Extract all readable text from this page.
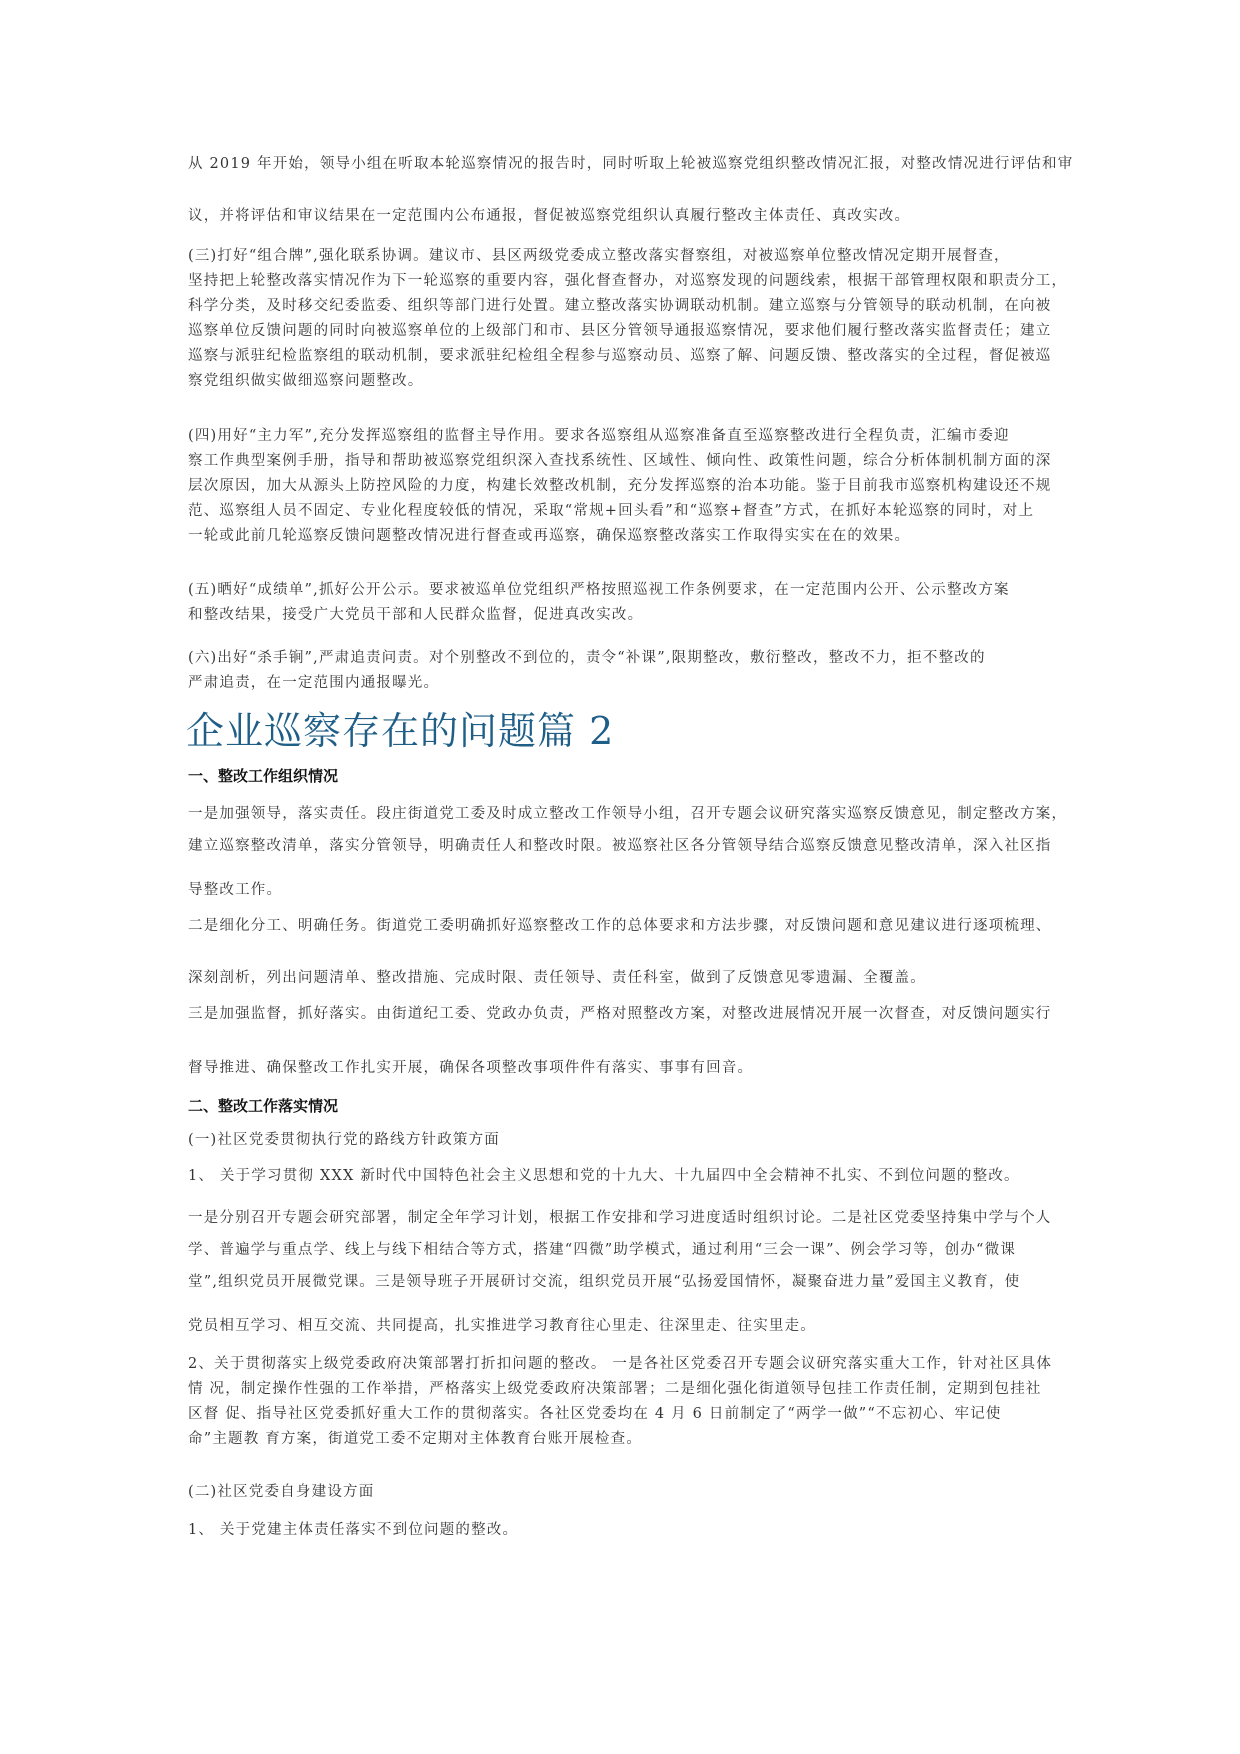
从 2019 年开始，领导小组在听取本轮巡察情况的报告时，同时听取上轮被巡察党组织整改情况汇报，对整改情况进行评估和审

议，并将评估和审议结果在一定范围内公布通报，督促被巡察党组织认真履行整改主体责任、真改实改。

(三)打好“组合牌”,强化联系协调。建议市、县区两级党委成立整改落实督察组，对被巡察单位整改情况定期开展督查，
坚持把上轮整改落实情况作为下一轮巡察的重要内容，强化督查督办，对巡察发现的问题线索，根据干部管理权限和职责分工，
科学分类，及时移交纪委监委、组织等部门进行处置。建立整改落实协调联动机制。建立巡察与分管领导的联动机制，在向被
巡察单位反馈问题的同时向被巡察单位的上级部门和市、县区分管领导通报巡察情况，要求他们履行整改落实监督责任；建立
巡察与派驻纪检监察组的联动机制，要求派驻纪检组全程参与巡察动员、巡察了解、问题反馈、整改落实的全过程，督促被巡
察党组织做实做细巡察问题整改。
(四)用好“主力军”,充分发挥巡察组的监督主导作用。要求各巡察组从巡察准备直至巡察整改进行全程负责，汇编市委迎
察工作典型案例手册，指导和帮助被巡察党组织深入查找系统性、区域性、倾向性、政策性问题，综合分析体制机制方面的深
层次原因，加大从源头上防控风险的力度，构建长效整改机制，充分发挥巡察的治本功能。鉴于目前我市巡察机构建设还不规
范、巡察组人员不固定、专业化程度较低的情况，采取“常规+回头看”和“巡察+督查”方式，在抓好本轮巡察的同时，对上
一轮或此前几轮巡察反馈问题整改情况进行督查或再巡察，确保巡察整改落实工作取得实实在在的效果。
(五)晒好“成绩单”,抓好公开公示。要求被巡单位党组织严格按照巡视工作条例要求，在一定范围内公开、公示整改方案
和整改结果，接受广大党员干部和人民群众监督，促进真改实改。
(六)出好“杀手锏”,严肃追责问责。对个别整改不到位的，责令“补课”,限期整改，敷衍整改，整改不力，拒不整改的
严肃追责，在一定范围内通报曝光。
企业巡察存在的问题篇 2
一、整改工作组织情况

一是加强领导，落实责任。段庄街道党工委及时成立整改工作领导小组，召开专题会议研究落实巡察反馈意见，制定整改方案，

建立巡察整改清单，落实分管领导，明确责任人和整改时限。被巡察社区各分管领导结合巡察反馈意见整改清单，深入社区指

导整改工作。

二是细化分工、明确任务。街道党工委明确抓好巡察整改工作的总体要求和方法步骤，对反馈问题和意见建议进行逐项梳理、

深刻剖析，列出问题清单、整改措施、完成时限、责任领导、责任科室，做到了反馈意见零遗漏、全覆盖。

三是加强监督，抓好落实。由街道纪工委、党政办负责，严格对照整改方案，对整改进展情况开展一次督查，对反馈问题实行

督导推进、确保整改工作扎实开展，确保各项整改事项件件有落实、事事有回音。

二、整改工作落实情况

(一)社区党委贯彻执行党的路线方针政策方面

1、 关于学习贯彻 XXX 新时代中国特色社会主义思想和党的十九大、十九届四中全会精神不扎实、不到位问题的整改。

一是分别召开专题会研究部署，制定全年学习计划，根据工作安排和学习进度适时组织讨论。二是社区党委坚持集中学与个人

学、普遍学与重点学、线上与线下相结合等方式，搭建“四微”助学模式，通过利用“三会一课”、例会学习等，创办“微课

堂”,组织党员开展微党课。三是领导班子开展研讨交流，组织党员开展“弘扬爱国情怀，凝聚奋进力量”爱国主义教育，使

党员相互学习、相互交流、共同提高，扎实推进学习教育往心里走、往深里走、往实里走。

2、关于贯彻落实上级党委政府决策部署打折扣问题的整改。 一是各社区党委召开专题会议研究落实重大工作，针对社区具体
情 况，制定操作性强的工作举措，严格落实上级党委政府决策部署；二是细化强化街道领导包挂工作责任制，定期到包挂社
区督 促、指导社区党委抓好重大工作的贯彻落实。各社区党委均在 4 月 6 日前制定了“两学一做”“不忘初心、牢记使
命”主题教 育方案，街道党工委不定期对主体教育台账开展检查。

(二)社区党委自身建设方面

1、 关于党建主体责任落实不到位问题的整改。
